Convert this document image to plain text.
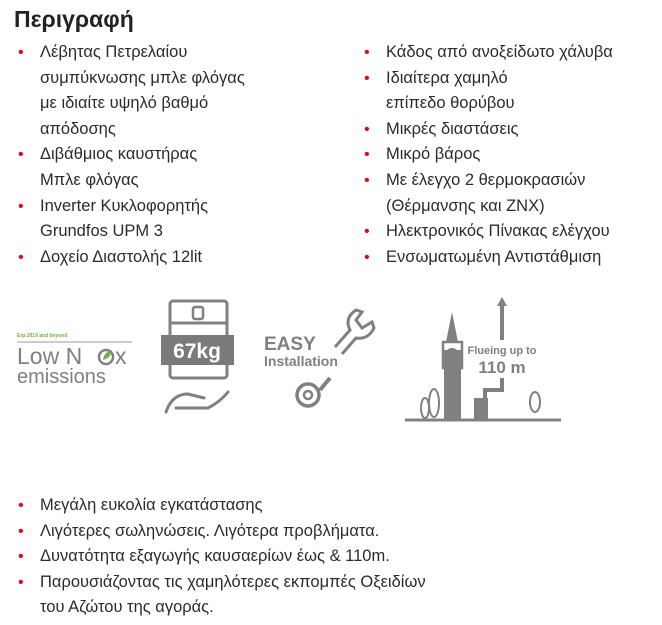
Περιγραφή
• Λέβητας Πετρελαίου
συμπύκνωσης μπλε φλόγας
με ιδιαίτε υψηλό βαθμό
απόδοσης
• Διβάθμιος καυστήρας
Μπλε φλόγας
• Inverter Κυκλοφορητής
Grundfos UPM 3
• Δοχείο Διαστολής 12lit
• Κάδος από ανοξείδωτο χάλυβα
• Ιδιαίτερα χαμηλό
επίπεδο θορύβου
• Μικρές διαστάσεις
• Μικρό βάρος
• Με έλεγχο 2 θερμοκρασιών
(Θέρμανσης και ZNX)
• Ηλεκτρονικός Πίνακας ελέγχου
• Ενσωματωμένη Αντιστάθμιση
• Μεγάλη ευκολία εγκατάστασης
• Λιγότερες σωληνώσεις. Λιγότερα προβλήματα.
• Δυνατότητα εξαγωγής καυσαερίων έως & 110m.
• Παρουσιάζοντας τις χαμηλότερες εκπομπές Οξειδίων
του Αζώτου της αγοράς.
Erp 2019 and beyond
Low N x
emissions
67kg EASY
Installation
Flueing up to
110 m
